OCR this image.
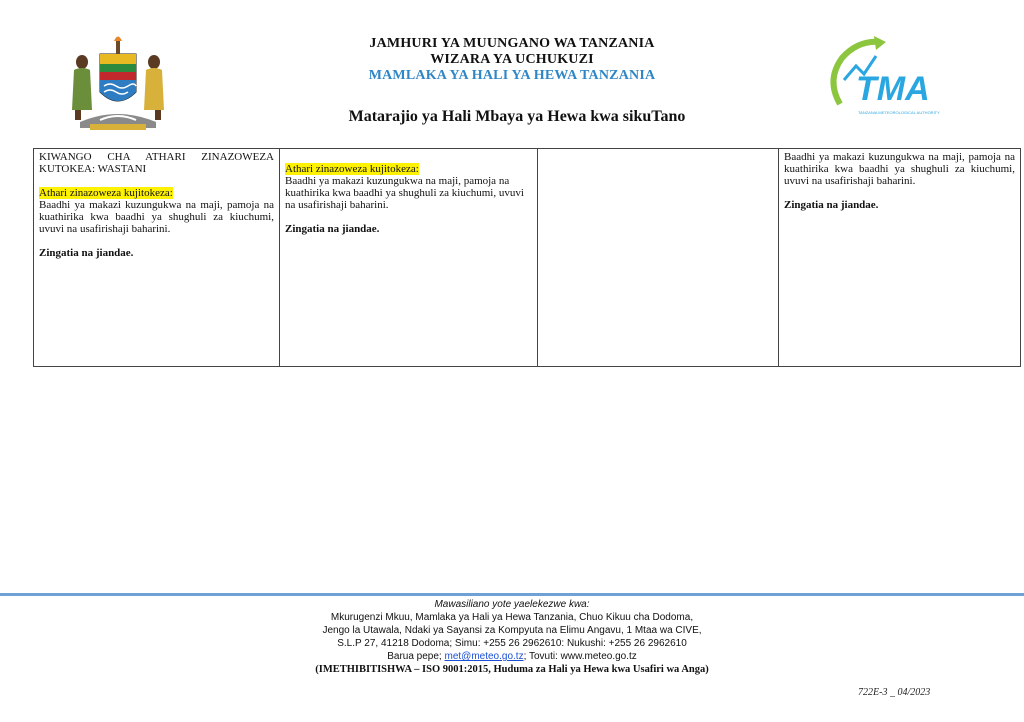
TMA
TANZANIA METEOROLOGICAL AUTHORITY
JAMHURI YA MUUNGANO WA TANZANIA
WIZARA YA UCHUKUZI
MAMLAKA YA HALI YA HEWA TANZANIA
Matarajio ya Hali Mbaya ya Hewa kwa sikuTano
KIWANGO CHA ATHARI ZINAZOWEZA KUTOKEA: WASTANI
Athari zinazoweza kujitokeza:
Baadhi ya makazi kuzungukwa na maji, pamoja na kuathirika kwa baadhi ya shughuli za kiuchumi, uvuvi na usafirishaji baharini.
Zingatia na jiandae.
Athari zinazoweza kujitokeza:
Baadhi ya makazi kuzungukwa na maji, pamoja na kuathirika kwa baadhi ya shughuli za kiuchumi, uvuvi na usafirishaji baharini.
Zingatia na jiandae.
Baadhi ya makazi kuzungukwa na maji, pamoja na kuathirika kwa baadhi ya shughuli za kiuchumi, uvuvi na usafirishaji baharini.
Zingatia na jiandae.
Mawasiliano yote yaelekezwe kwa:
Mkurugenzi Mkuu, Mamlaka ya Hali ya Hewa Tanzania, Chuo Kikuu cha Dodoma,
Jengo la Utawala, Ndaki ya Sayansi za Kompyuta na Elimu Angavu, 1 Mtaa wa CIVE,
S.L.P 27, 41218 Dodoma; Simu: +255 26 2962610: Nukushi: +255 26 2962610
Barua pepe; met@meteo.go.tz; Tovuti: www.meteo.go.tz
(IMETHIBITISHWA – ISO 9001:2015, Huduma za Hali ya Hewa kwa Usafiri wa Anga)
722E-3 _ 04/2023
